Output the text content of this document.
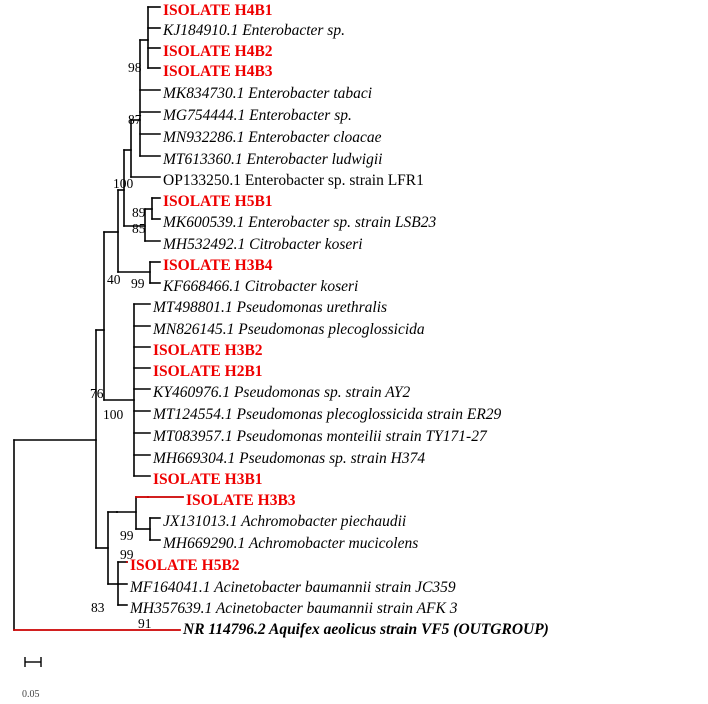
ISOLATE H4B1
KJ184910.1 Enterobacter sp.
ISOLATE H4B2
ISOLATE H4B3
MK834730.1 Enterobacter tabaci
MG754444.1 Enterobacter sp.
MN932286.1 Enterobacter cloacae
MT613360.1 Enterobacter ludwigii
OP133250.1 Enterobacter sp. strain LFR1
ISOLATE H5B1
MK600539.1 Enterobacter sp. strain LSB23
MH532492.1 Citrobacter koseri
ISOLATE H3B4
KF668466.1 Citrobacter koseri
MT498801.1 Pseudomonas urethralis
MN826145.1 Pseudomonas plecoglossicida
ISOLATE H3B2
ISOLATE H2B1
KY460976.1 Pseudomonas sp. strain AY2
MT124554.1 Pseudomonas plecoglossicida strain ER29
MT083957.1 Pseudomonas monteilii strain TY171-27
MH669304.1 Pseudomonas sp. strain H374
ISOLATE H3B1
ISOLATE H3B3
JX131013.1 Achromobacter piechaudii
MH669290.1 Achromobacter mucicolens
ISOLATE H5B2
MF164041.1 Acinetobacter baumannii strain JC359
MH357639.1 Acinetobacter baumannii strain AFK 3
NR 114796.2 Aquifex aeolicus strain VF5 (OUTGROUP)
98
87
100
89
85
40 99
76
100
99
99
83
91
0.05
